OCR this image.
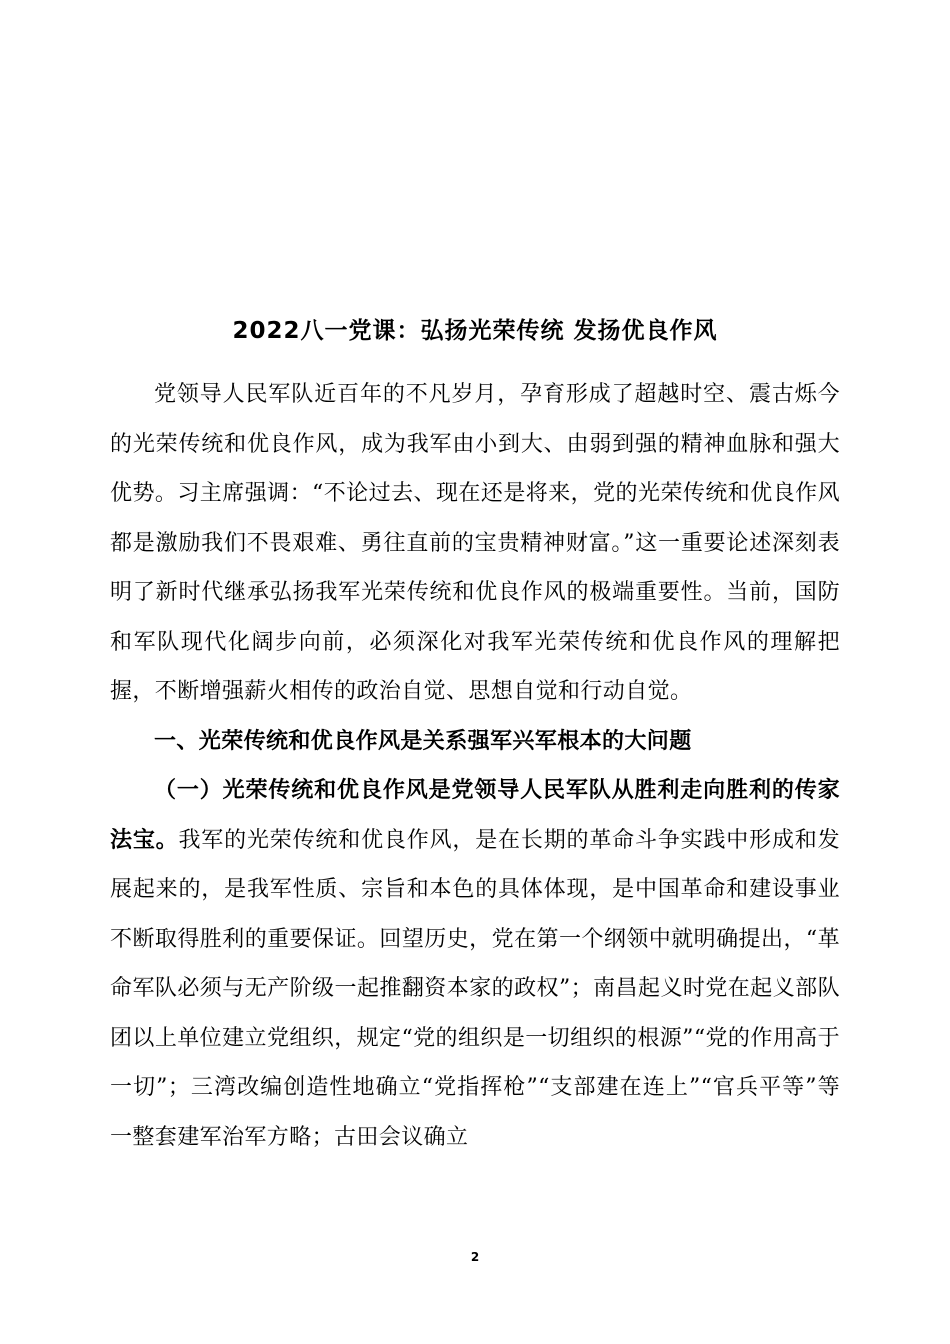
2022八一党课：弘扬光荣传统 发扬优良作风

党领导人民军队近百年的不凡岁月，孕育形成了超越时空、震古烁今的光荣传统和优良作风，成为我军由小到大、由弱到强的精神血脉和强大优势。习主席强调：“不论过去、现在还是将来，党的光荣传统和优良作风都是激励我们不畏艰难、勇往直前的宝贵精神财富。”这一重要论述深刻表明了新时代继承弘扬我军光荣传统和优良作风的极端重要性。当前，国防和军队现代化阔步向前，必须深化对我军光荣传统和优良作风的理解把握，不断增强薪火相传的政治自觉、思想自觉和行动自觉。

一、光荣传统和优良作风是关系强军兴军根本的大问题

（一）光荣传统和优良作风是党领导人民军队从胜利走向胜利的传家法宝。我军的光荣传统和优良作风，是在长期的革命斗争实践中形成和发展起来的，是我军性质、宗旨和本色的具体体现，是中国革命和建设事业不断取得胜利的重要保证。回望历史，党在第一个纲领中就明确提出，“革命军队必须与无产阶级一起推翻资本家的政权”；南昌起义时党在起义部队团以上单位建立党组织，规定“党的组织是一切组织的根源”“党的作用高于一切”；三湾改编创造性地确立“党指挥枪”“支部建在连上”“官兵平等”等一整套建军治军方略；古田会议确立

2
